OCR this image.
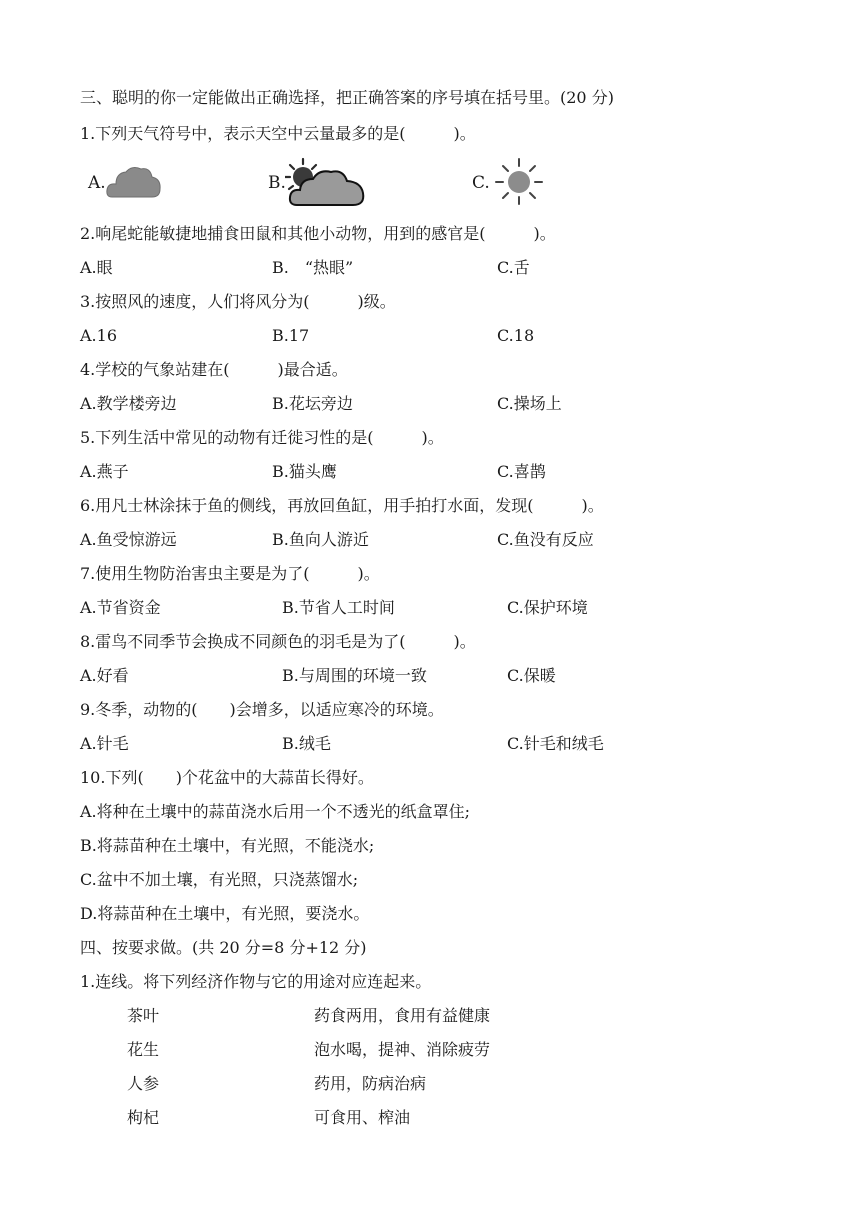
三、聪明的你一定能做出正确选择，把正确答案的序号填在括号里。(20 分)
1.下列天气符号中，表示天空中云量最多的是(　　　)。
A.	B.	C.
2.响尾蛇能敏捷地捕食田鼠和其他小动物，用到的感官是(　　　)。
A.眼	B.　“热眼”	C.舌
3.按照风的速度，人们将风分为(　　　)级。
A.16	B.17	C.18
4.学校的气象站建在(　　　)最合适。
A.教学楼旁边	B.花坛旁边	C.操场上
5.下列生活中常见的动物有迁徙习性的是(　　　)。
A.燕子	B.猫头鹰	C.喜鹊
6.用凡士林涂抹于鱼的侧线，再放回鱼缸，用手拍打水面，发现(　　　)。
A.鱼受惊游远	B.鱼向人游近	C.鱼没有反应
7.使用生物防治害虫主要是为了(　　　)。
A.节省资金	B.节省人工时间	C.保护环境
8.雷鸟不同季节会换成不同颜色的羽毛是为了(　　　)。
A.好看	B.与周围的环境一致	C.保暖
9.冬季，动物的(　　)会增多，以适应寒冷的环境。
A.针毛	B.绒毛	C.针毛和绒毛
10.下列(　　)个花盆中的大蒜苗长得好。
A.将种在土壤中的蒜苗浇水后用一个不透光的纸盒罩住;
B.将蒜苗种在土壤中，有光照，不能浇水;
C.盆中不加土壤，有光照，只浇蒸馏水;
D.将蒜苗种在土壤中，有光照，要浇水。
四、按要求做。(共 20 分=8 分+12 分)
1.连线。将下列经济作物与它的用途对应连起来。
茶叶	药食两用，食用有益健康
花生	泡水喝，提神、消除疲劳
人参	药用，防病治病
枸杞	可食用、榨油
